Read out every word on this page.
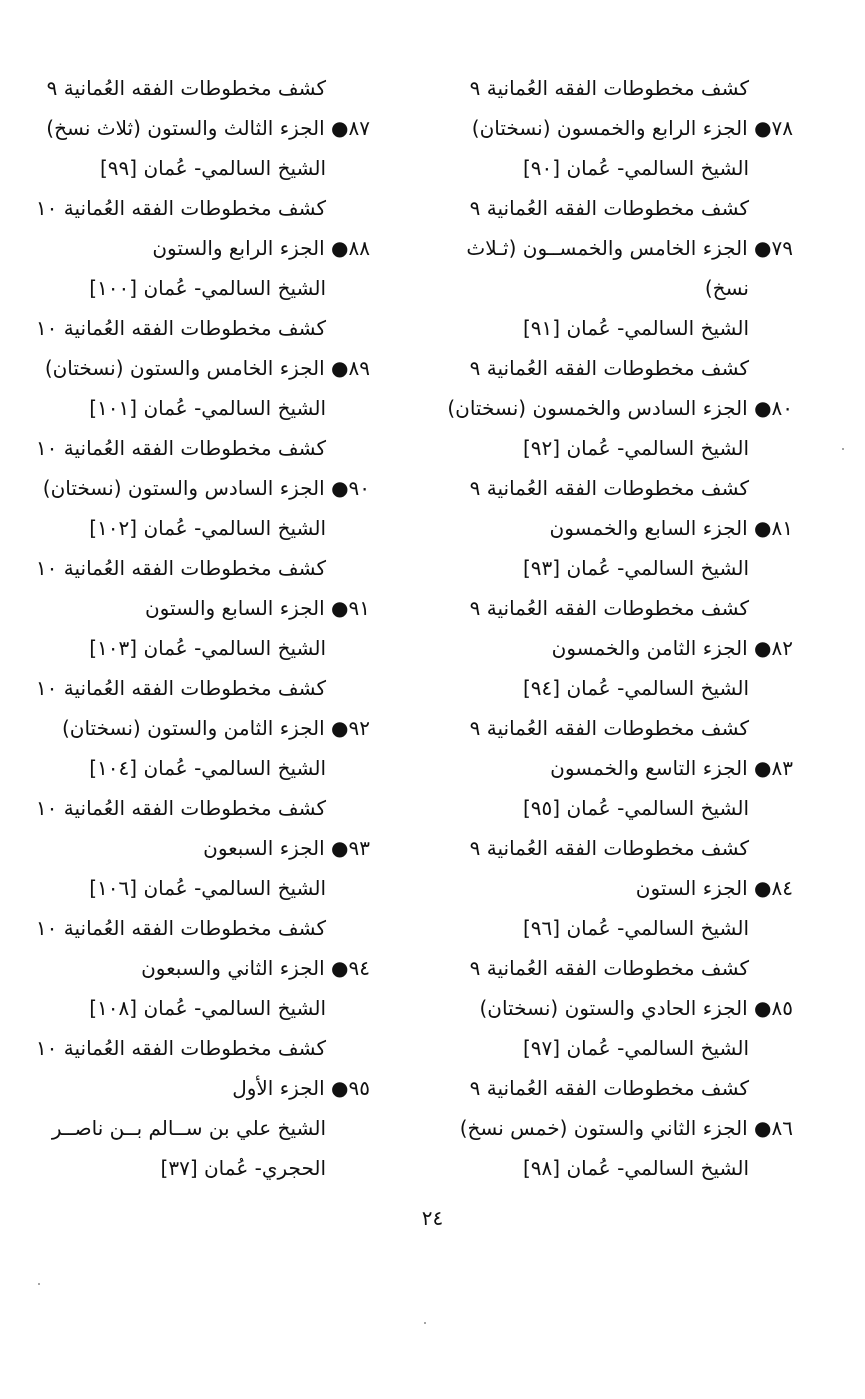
كشف مخطوطات الفقه العُمانية ٩
٧٨● الجزء الرابع والخمسون (نسختان)
الشيخ السالمي- عُمان [٩٠]
كشف مخطوطات الفقه العُمانية ٩
٧٩● الجزء الخامس والخمســون (ثـلاث
نسخ)
الشيخ السالمي- عُمان [٩١]
كشف مخطوطات الفقه العُمانية ٩
٨٠● الجزء السادس والخمسون (نسختان)
الشيخ السالمي- عُمان [٩٢]
كشف مخطوطات الفقه العُمانية ٩
٨١● الجزء السابع والخمسون
الشيخ السالمي- عُمان [٩٣]
كشف مخطوطات الفقه العُمانية ٩
٨٢● الجزء الثامن والخمسون
الشيخ السالمي- عُمان [٩٤]
كشف مخطوطات الفقه العُمانية ٩
٨٣● الجزء التاسع والخمسون
الشيخ السالمي- عُمان [٩٥]
كشف مخطوطات الفقه العُمانية ٩
٨٤● الجزء الستون
الشيخ السالمي- عُمان [٩٦]
كشف مخطوطات الفقه العُمانية ٩
٨٥● الجزء الحادي والستون (نسختان)
الشيخ السالمي- عُمان [٩٧]
كشف مخطوطات الفقه العُمانية ٩
٨٦● الجزء الثاني والستون (خمس نسخ)
الشيخ السالمي- عُمان [٩٨]
كشف مخطوطات الفقه العُمانية ٩
٨٧● الجزء الثالث والستون (ثلاث نسخ)
الشيخ السالمي- عُمان [٩٩]
كشف مخطوطات الفقه العُمانية ١٠
٨٨● الجزء الرابع والستون
الشيخ السالمي- عُمان [١٠٠]
كشف مخطوطات الفقه العُمانية ١٠
٨٩● الجزء الخامس والستون (نسختان)
الشيخ السالمي- عُمان [١٠١]
كشف مخطوطات الفقه العُمانية ١٠
٩٠● الجزء السادس والستون (نسختان)
الشيخ السالمي- عُمان [١٠٢]
كشف مخطوطات الفقه العُمانية ١٠
٩١● الجزء السابع والستون
الشيخ السالمي- عُمان [١٠٣]
كشف مخطوطات الفقه العُمانية ١٠
٩٢● الجزء الثامن والستون (نسختان)
الشيخ السالمي- عُمان [١٠٤]
كشف مخطوطات الفقه العُمانية ١٠
٩٣● الجزء السبعون
الشيخ السالمي- عُمان [١٠٦]
كشف مخطوطات الفقه العُمانية ١٠
٩٤● الجزء الثاني والسبعون
الشيخ السالمي- عُمان [١٠٨]
كشف مخطوطات الفقه العُمانية ١٠
٩٥● الجزء الأول
الشيخ علي بن ســالم بــن ناصــر
الحجري- عُمان [٣٧]
٢٤
